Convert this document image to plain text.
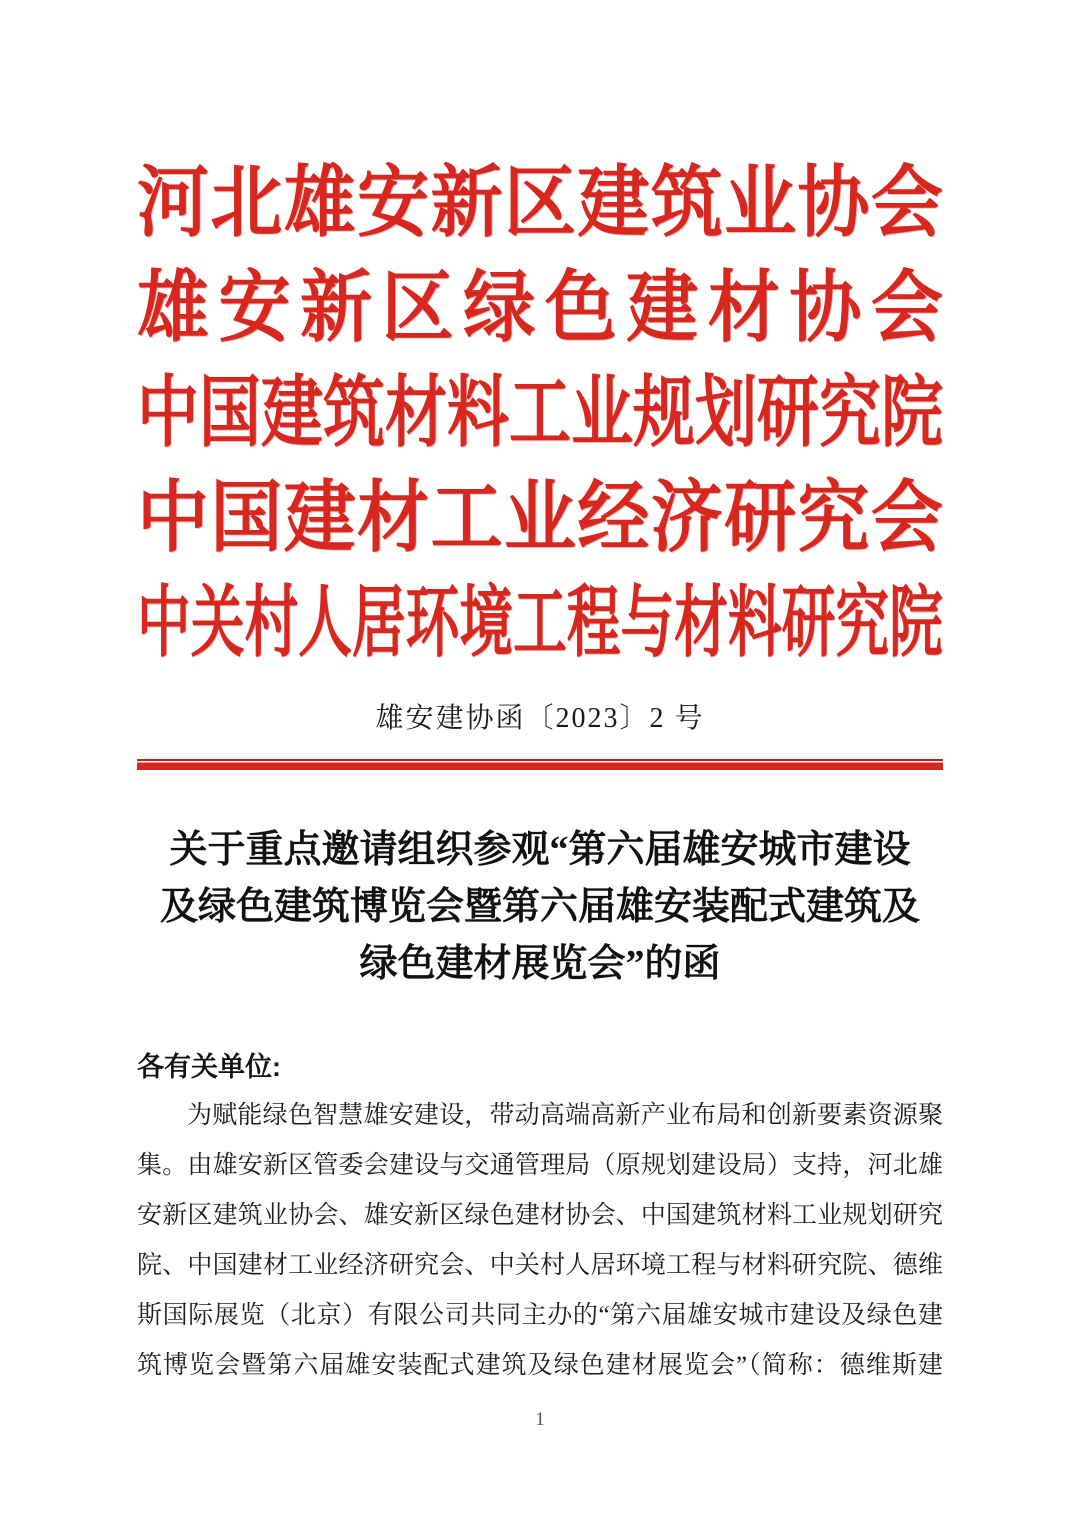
河 北 雄 安 新 区 建 筑 业 协 会
雄 安 新 区 绿 色 建 材 协 会
中 国 建 筑 材 料 工 业 规 划 研 究 院
中 国 建 材 工 业 经 济 研 究 会
中 关 村 人 居 环 境 工 程 与 材 料 研 究 院
雄安建协函〔2023〕2 号
关于重点邀请组织参观“第六届雄安城市建设
及绿色建筑博览会暨第六届雄安装配式建筑及
绿色建材展览会”的函

各有关单位:

为赋能绿色智慧雄安建设，带动高端高新产业布局和创新要素资源聚
集。由雄安新区管委会建设与交通管理局（原规划建设局）支持，河北雄
安新区建筑业协会、雄安新区绿色建材协会、中国建筑材料工业规划研究
院、中国建材工业经济研究会、中关村人居环境工程与材料研究院、德维
斯国际展览（北京）有限公司共同主办的“第六届雄安城市建设及绿色建
筑博览会暨第六届雄安装配式建筑及绿色建材展览会”（简称：德维斯建
1
